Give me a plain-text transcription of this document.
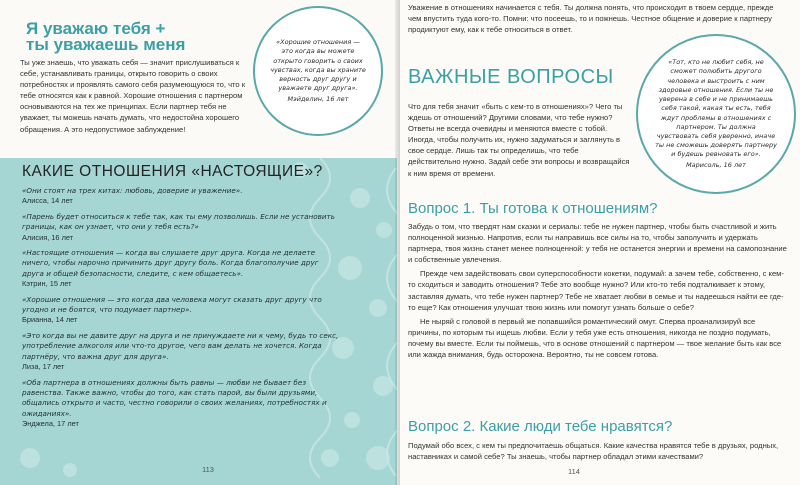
Я уважаю тебя +
ты уважаешь меня
Ты уже знаешь, что уважать себя — значит прислушиваться к себе, устанавливать границы, открыто говорить о своих потребностях и проявлять самого себя разумеющуюся то, что к тебе относятся как к равной. Хорошие отношения с партнером основываются на тех же принципах. Если партнер тебя не уважает, ты можешь начать думать, что недостойна хорошего обращения. А это недопустимое заблуждение!
«Хорошие отношения — это когда вы можете открыто говорить о своих чувствах, когда вы храните верность друг другу и уважаете друг друга».
Мэйделин, 16 лет
КАКИЕ ОТНОШЕНИЯ «НАСТОЯЩИЕ»?
«Они стоят на трех китах: любовь, доверие и уважение».
Алисса, 14 лет
«Парень будет относиться к тебе так, как ты ему позволишь. Если не установить границы, как он узнает, что они у тебя есть?»
Алисия, 16 лет
«Настоящие отношения — когда вы слушаете друг друга. Когда не делаете ничего, чтобы нарочно причинить друг другу боль. Когда благополучие друг друга и общей безопасности, следите, с кем общаетесь».
Кэтрин, 15 лет
«Хорошие отношения — это когда два человека могут сказать друг другу что угодно и не боятся, что подумает партнер».
Брианна, 14 лет
«Это когда вы не давите друг на друга и не принуждаете ни к чему, будь то секс, употребление алкоголя или что-то другое, чего вам делать не хочется. Когда партнёру, что важна друг для друга».
Лиза, 17 лет
«Оба партнера в отношениях должны быть равны — любви не бывает без равенства. Также важно, чтобы до того, как стать парой, вы были друзьями, общались открыто и часто, честно говорили о своих желаниях, потребностях и ожиданиях».
Энджела, 17 лет
113
Уважение в отношениях начинается с тебя. Ты должна понять, что происходит в твоем сердце, прежде чем впустить туда кого-то. Помни: что посеешь, то и пожнешь. Честное общение и доверие к партнеру продиктуют ему, как к тебе относиться в ответ.
«Тот, кто не любит себя, не сможет полюбить другого человека и выстроить с ним здоровые отношения. Если ты не уверена в себе и не принимаешь себя такой, какая ты есть, тебя ждут проблемы в отношениях с партнером. Ты должна чувствовать себя уверенно, иначе ты не сможешь доверять партнеру и будешь ревновать его».
Марисоль, 16 лет
ВАЖНЫЕ ВОПРОСЫ
Что для тебя значит «быть с кем-то в отношениях»? Чего ты ждешь от отношений? Другими словами, что тебе нужно? Ответы не всегда очевидны и меняются вместе с тобой. Иногда, чтобы получить их, нужно задуматься и заглянуть в свое сердце. Лишь так ты определишь, что тебе действительно нужно. Задай себе эти вопросы и возвращайся к ним время от времени.
Вопрос 1. Ты готова к отношениям?

Забудь о том, что твердят нам сказки и сериалы: тебе не нужен партнер, чтобы быть счастливой и жить полноценной жизнью. Напротив, если ты направишь все силы на то, чтобы заполучить и удержать партнера, твоя жизнь станет менее полноценной: у тебя не останется энергии и времени на самопознание и собственные увлечения.

Прежде чем задействовать свои суперспособности кокетки, подумай: а зачем тебе, собственно, с кем-то сходиться и заводить отношения? Тебе это вообще нужно? Или кто-то тебя подталкивает к этому, заставляя думать, что тебе нужен партнер? Тебе не хватает любви в семье и ты надеешься найти ее где-то еще? Как отношения улучшат твою жизнь или помогут узнать больше о себе?

Не ныряй с головой в первый же попавшийся романтический омут. Сперва проанализируй все причины, по которым ты ищешь любви. Если у тебя уже есть отношения, никогда не поздно подумать, почему вы вместе. Если ты поймешь, что в основе отношений с партнером — твое желание быть как все или жажда внимания, будь осторожна. Вероятно, ты не совсем готова.

Вопрос 2. Какие люди тебе нравятся?
Подумай обо всех, с кем ты предпочитаешь общаться. Какие качества нравятся тебе в друзьях, родных, наставниках и самой себе? Ты знаешь, чтобы партнер обладал этими качествами?
114
